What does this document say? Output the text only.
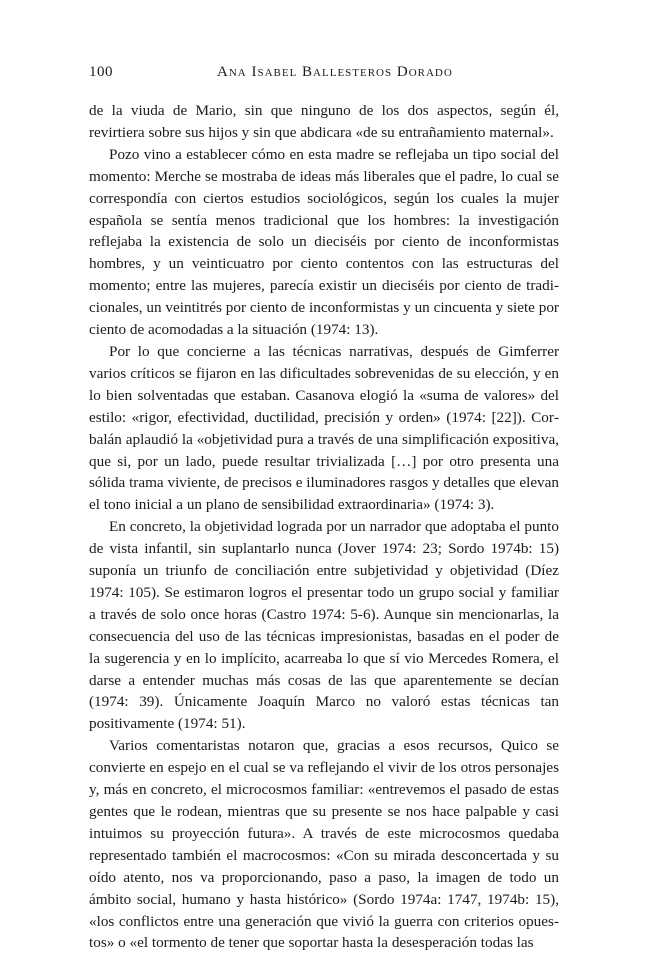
100	Ana Isabel Ballesteros Dorado

de la viuda de Mario, sin que ninguno de los dos aspectos, según él, revirtiera sobre sus hijos y sin que abdicara «de su entrañamiento maternal».

Pozo vino a establecer cómo en esta madre se reflejaba un tipo social del momento: Merche se mostraba de ideas más liberales que el padre, lo cual se correspondía con ciertos estudios sociológicos, según los cuales la mujer española se sentía menos tradicional que los hombres: la investigación reflejaba la existencia de solo un dieciséis por ciento de inconformistas hombres, y un veinticuatro por ciento contentos con las estructuras del momento; entre las mujeres, parecía existir un dieciséis por ciento de tradicionales, un veintitrés por ciento de inconformistas y un cincuenta y siete por ciento de acomodadas a la situación (1974: 13).

Por lo que concierne a las técnicas narrativas, después de Gimferrer varios críticos se fijaron en las dificultades sobrevenidas de su elección, y en lo bien solventadas que estaban. Casanova elogió la «suma de valores» del estilo: «rigor, efectividad, ductilidad, precisión y orden» (1974: [22]). Corbalán aplaudió la «objetividad pura a través de una simplificación expositiva, que si, por un lado, puede resultar trivializada […] por otro presenta una sólida trama viviente, de precisos e iluminadores rasgos y detalles que elevan el tono inicial a un plano de sensibilidad extraordinaria» (1974: 3).

En concreto, la objetividad lograda por un narrador que adoptaba el punto de vista infantil, sin suplantarlo nunca (Jover 1974: 23; Sordo 1974b: 15) suponía un triunfo de conciliación entre subjetividad y objetividad (Díez 1974: 105). Se estimaron logros el presentar todo un grupo social y familiar a través de solo once horas (Castro 1974: 5-6). Aunque sin mencionarlas, la consecuencia del uso de las técnicas impresionistas, basadas en el poder de la sugerencia y en lo implícito, acarreaba lo que sí vio Mercedes Romera, el darse a entender muchas más cosas de las que aparentemente se decían (1974: 39). Únicamente Joaquín Marco no valoró estas técnicas tan positivamente (1974: 51).

Varios comentaristas notaron que, gracias a esos recursos, Quico se convierte en espejo en el cual se va reflejando el vivir de los otros personajes y, más en concreto, el microcosmos familiar: «entrevemos el pasado de estas gentes que le rodean, mientras que su presente se nos hace palpable y casi intuimos su proyección futura». A través de este microcosmos quedaba representado también el macrocosmos: «Con su mirada desconcertada y su oído atento, nos va proporcionando, paso a paso, la imagen de todo un ámbito social, humano y hasta histórico» (Sordo 1974a: 1747, 1974b: 15), «los conflictos entre una generación que vivió la guerra con criterios opuestos» o «el tormento de tener que soportar hasta la desesperación todas las
